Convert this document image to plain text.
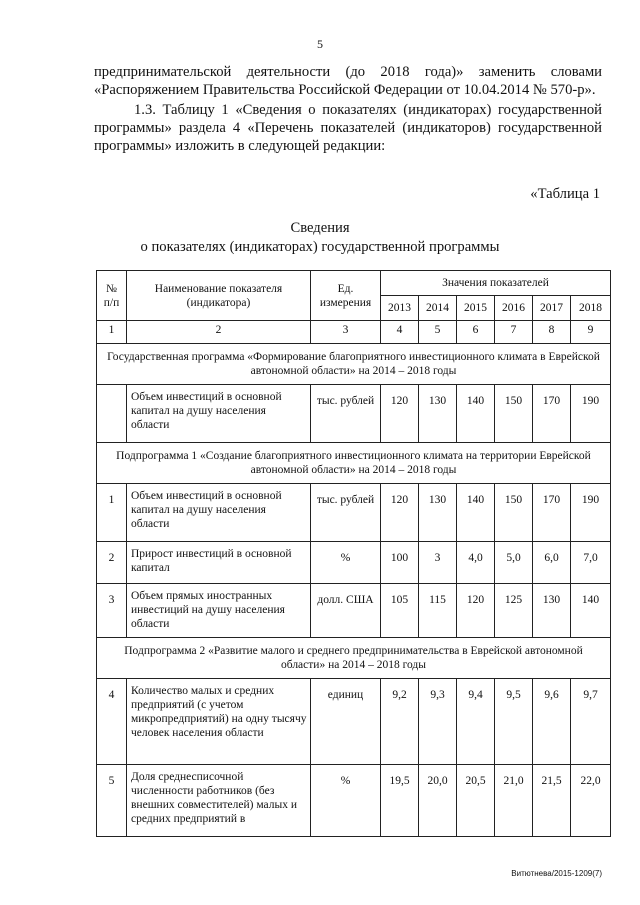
5

предпринимательской деятельности (до 2018 года)» заменить словами «Распоряжением Правительства Российской Федерации от 10.04.2014 № 570-р».

1.3. Таблицу 1 «Сведения о показателях (индикаторах) государственной программы» раздела 4 «Перечень показателей (индикаторов) государственной программы» изложить в следующей редакции:

«Таблица 1
Сведения
о показателях (индикаторах) государственной программы
№ п/п	Наименование показателя (индикатора)	Ед. измерения	Значения показателей					
			2013	2014	2015	2016	2017	2018
1	2	3	4	5	6	7	8	9
Государственная программа «Формирование благоприятного инвестиционного климата в Еврейской автономной области» на 2014 – 2018 годы								
	Объем инвестиций в основной капитал на душу населения области	тыс. рублей	120	130	140	150	170	190
Подпрограмма 1 «Создание благоприятного инвестиционного климата на территории Еврейской автономной области» на 2014 – 2018 годы								
1	Объем инвестиций в основной капитал на душу населения области	тыс. рублей	120	130	140	150	170	190
2	Прирост инвестиций в основной капитал	%	100	3	4,0	5,0	6,0	7,0
3	Объем прямых иностранных инвестиций на душу населения области	долл. США	105	115	120	125	130	140
Подпрограмма 2 «Развитие малого и среднего предпринимательства в Еврейской автономной области» на 2014 – 2018 годы								
4	Количество малых и средних предприятий (с учетом микропредприятий) на одну тысячу человек населения области	единиц	9,2	9,3	9,4	9,5	9,6	9,7
5	Доля среднесписочной численности работников (без внешних совместителей) малых и средних предприятий в	%	19,5	20,0	20,5	21,0	21,5	22,0
Витютнева/2015-1209(7)
